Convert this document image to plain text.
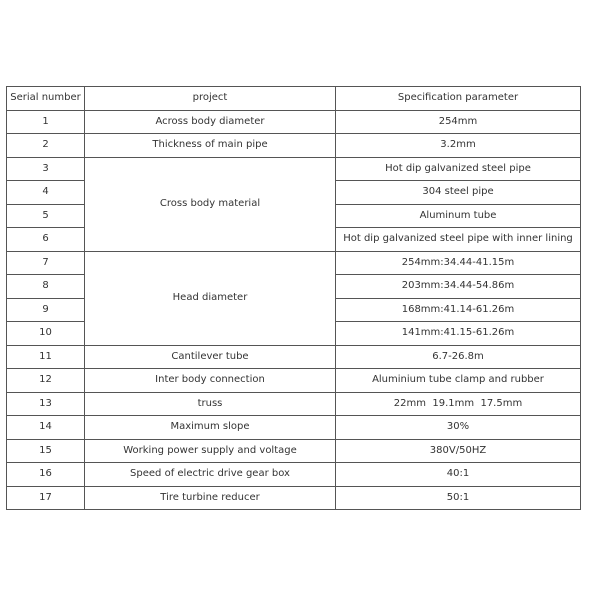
Serial number	project	Specification parameter
1	Across body diameter	254mm
2	Thickness of main pipe	3.2mm
3	Cross body material	Hot dip galvanized steel pipe
4		304 steel pipe
5		Aluminum tube
6		Hot dip galvanized steel pipe with inner lining
7	Head diameter	254mm:34.44-41.15m
8		203mm:34.44-54.86m
9		168mm:41.14-61.26m
10		141mm:41.15-61.26m
11	Cantilever tube	6.7-26.8m
12	Inter body connection	Aluminium tube clamp and rubber
13	truss	22mm  19.1mm  17.5mm
14	Maximum slope	30%
15	Working power supply and voltage	380V/50HZ
16	Speed of electric drive gear box	40:1
17	Tire turbine reducer	50:1
